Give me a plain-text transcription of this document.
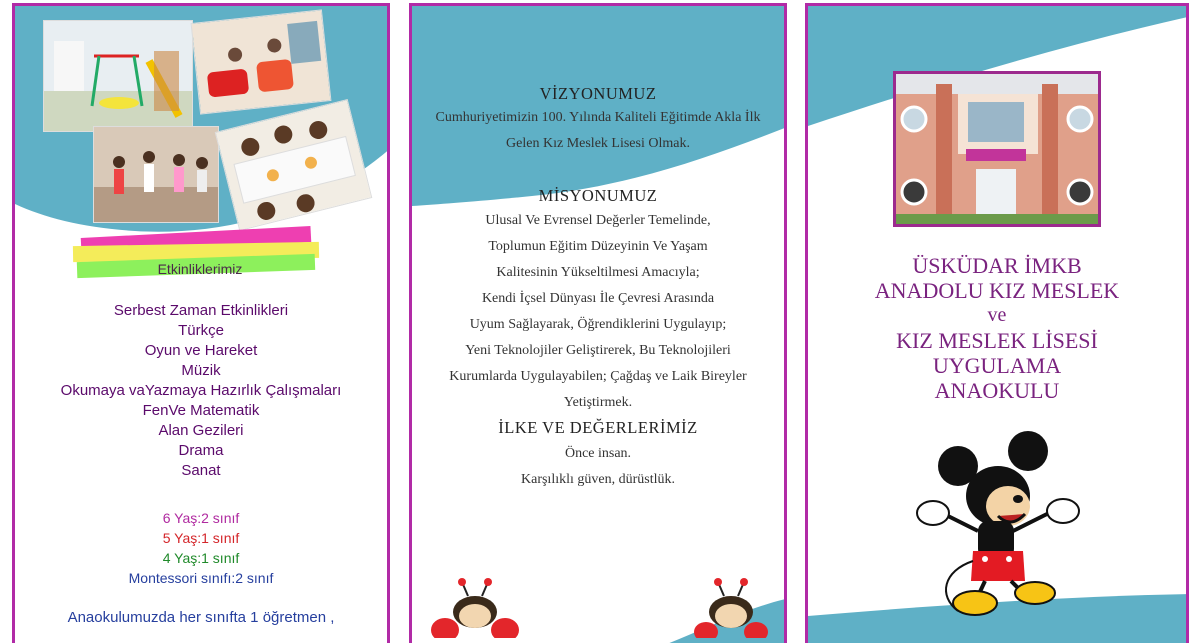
Etkinliklerimiz
Serbest Zaman Etkinlikleri
Türkçe
Oyun ve Hareket
Müzik
Okumaya vaYazmaya Hazırlık Çalışmaları
FenVe Matematik
Alan Gezileri
Drama
Sanat
6 Yaş:2 sınıf
5 Yaş:1 sınıf
4 Yaş:1 sınıf
Montessori sınıfı:2 sınıf
Anaokulumuzda her sınıfta 1 öğretmen ,
VİZYONUMUZ
Cumhuriyetimizin 100. Yılında Kaliteli Eğitimde Akla İlk
Gelen Kız Meslek Lisesi Olmak.
MİSYONUMUZ
Ulusal Ve Evrensel Değerler Temelinde,
Toplumun Eğitim Düzeyinin Ve Yaşam
Kalitesinin Yükseltilmesi Amacıyla;
Kendi İçsel Dünyası İle Çevresi Arasında
Uyum Sağlayarak, Öğrendiklerini Uygulayıp;
Yeni Teknolojiler Geliştirerek, Bu Teknolojileri
Kurumlarda Uygulayabilen; Çağdaş ve Laik Bireyler
Yetiştirmek.
İLKE VE DEĞERLERİMİZ
Önce insan.
Karşılıklı güven, dürüstlük.
ÜSKÜDAR İMKB
ANADOLU KIZ MESLEK
ve
KIZ MESLEK LİSESİ
UYGULAMA
ANAOKULU
